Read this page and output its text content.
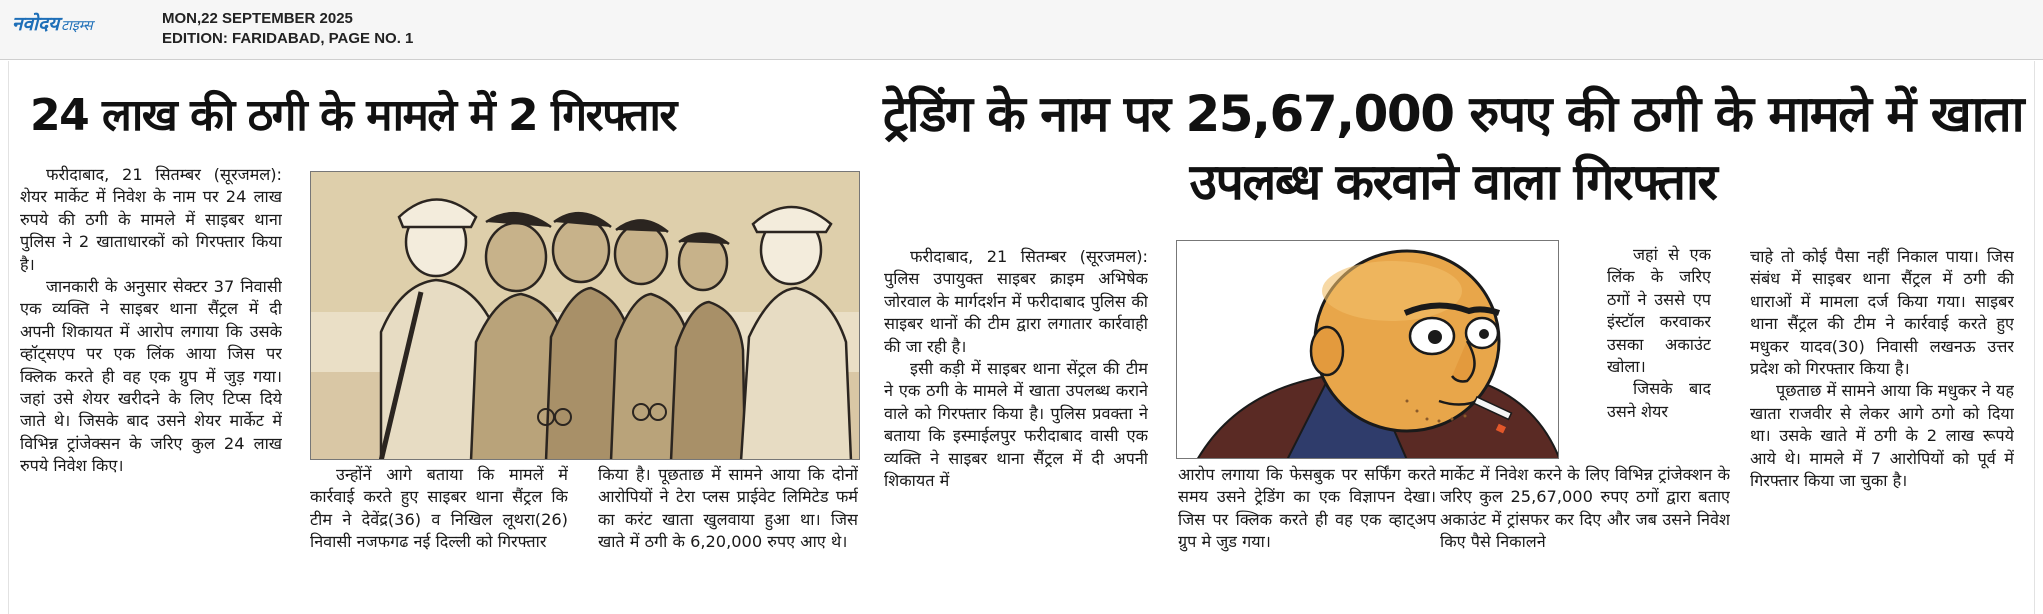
नवोदय टाइम्स	MON,22 SEPTEMBER 2025
EDITION: FARIDABAD, PAGE NO. 1
24 लाख की ठगी के मामले में 2 गिरफ्तार

फरीदाबाद, 21 सितम्बर (सूरजमल): शेयर मार्केट में निवेश के नाम पर 24 लाख रुपये की ठगी के मामले में साइबर थाना पुलिस ने 2 खाताधारकों को गिरफ्तार किया है।

जानकारी के अनुसार सेक्टर 37 निवासी एक व्यक्ति ने साइबर थाना सैंट्रल में दी अपनी शिकायत में आरोप लगाया कि उसके व्हॉट्सएप पर एक लिंक आया जिस पर क्लिक करते ही वह एक ग्रुप में जुड़ गया। जहां उसे शेयर खरीदने के लिए टिप्स दिये जाते थे। जिसके बाद उसने शेयर मार्केट में विभिन्न ट्रांजेक्सन के जरिए कुल 24 लाख रुपये निवेश किए।	उन्होंनें आगे बताया कि मामलें में कार्रवाई करते हुए साइबर थाना सैंट्रल कि टीम ने देवेंद्र(36) व निखिल लूथरा(26) निवासी नजफगढ नई दिल्ली को गिरफ्तार

किया है। पूछताछ में सामने आया कि दोनों आरोपियों ने टेरा प्लस प्राईवेट लिमिटेड फर्म का करंट खाता खुलवाया हुआ था। जिस खाते में ठगी के 6,20,000 रुपए आए थे।

ट्रेडिंग के नाम पर 25,67,000 रुपए की ठगी के मामले में खाता उपलब्ध करवाने वाला गिरफ्तार

फरीदाबाद, 21 सितम्बर (सूरजमल): पुलिस उपायुक्त साइबर क्राइम अभिषेक जोरवाल के मार्गदर्शन में फरीदाबाद पुलिस की साइबर थानों की टीम द्वारा लगातार कार्रवाही की जा रही है।

इसी कड़ी में साइबर थाना सेंट्रल की टीम ने एक ठगी के मामले में खाता उपलब्ध कराने वाले को गिरफ्तार किया है। पुलिस प्रवक्ता ने बताया कि इस्माईलपुर फरीदाबाद वासी एक व्यक्ति ने साइबर थाना सैंट्रल में दी अपनी शिकायत में	आरोप लगाया कि फेसबुक पर सर्फिंग करते समय उसने ट्रेडिंग का एक विज्ञापन देखा। जिस पर क्लिक करते ही वह एक व्हाट्अप ग्रुप मे जुड गया।

जहां से एक लिंक के जरिए ठगों ने उससे एप इंस्टॉल करवाकर उसका अकाउंट खोला।

जिसके बाद उसने शेयर

मार्केट में निवेश करने के लिए विभिन्न ट्रांजेक्शन के जरिए कुल 25,67,000 रुपए ठगों द्वारा बताए अकाउंट में ट्रांसफर कर दिए और जब उसने निवेश किए पैसे निकालने

चाहे तो कोई पैसा नहीं निकाल पाया। जिस संबंध में साइबर थाना सैंट्रल में ठगी की धाराओं में मामला दर्ज किया गया। साइबर थाना सैंट्रल की टीम ने कार्रवाई करते हुए मधुकर यादव(30) निवासी लखनऊ उत्तर प्रदेश को गिरफ्तार किया है।

पूछताछ में सामने आया कि मधुकर ने यह खाता राजवीर से लेकर आगे ठगो को दिया था। उसके खाते में ठगी के 2 लाख रूपये आये थे। मामले में 7 आरोपियों को पूर्व में गिरफ्तार किया जा चुका है।
